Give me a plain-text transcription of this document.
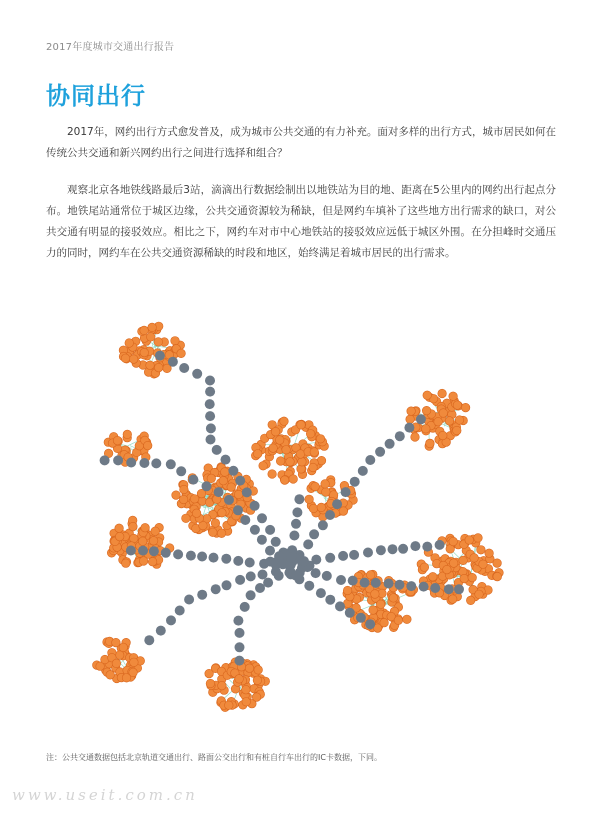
2017年度城市交通出行报告
协同出行

2017年，网约出行方式愈发普及，成为城市公共交通的有力补充。面对多样的出行方式，城市居民如何在传统公共交通和新兴网约出行之间进行选择和组合？

观察北京各地铁线路最后3站，滴滴出行数据绘制出以地铁站为目的地、距离在5公里内的网约出行起点分布。地铁尾站通常位于城区边缘，公共交通资源较为稀缺，但是网约车填补了这些地方出行需求的缺口，对公共交通有明显的接驳效应。相比之下，网约车对市中心地铁站的接驳效应远低于城区外围。在分担峰时交通压力的同时，网约车在公共交通资源稀缺的时段和地区，始终满足着城市居民的出行需求。

注：公共交通数据包括北京轨道交通出行、路面公交出行和有桩自行车出行的IC卡数据，下同。
www.useit.com.cn
